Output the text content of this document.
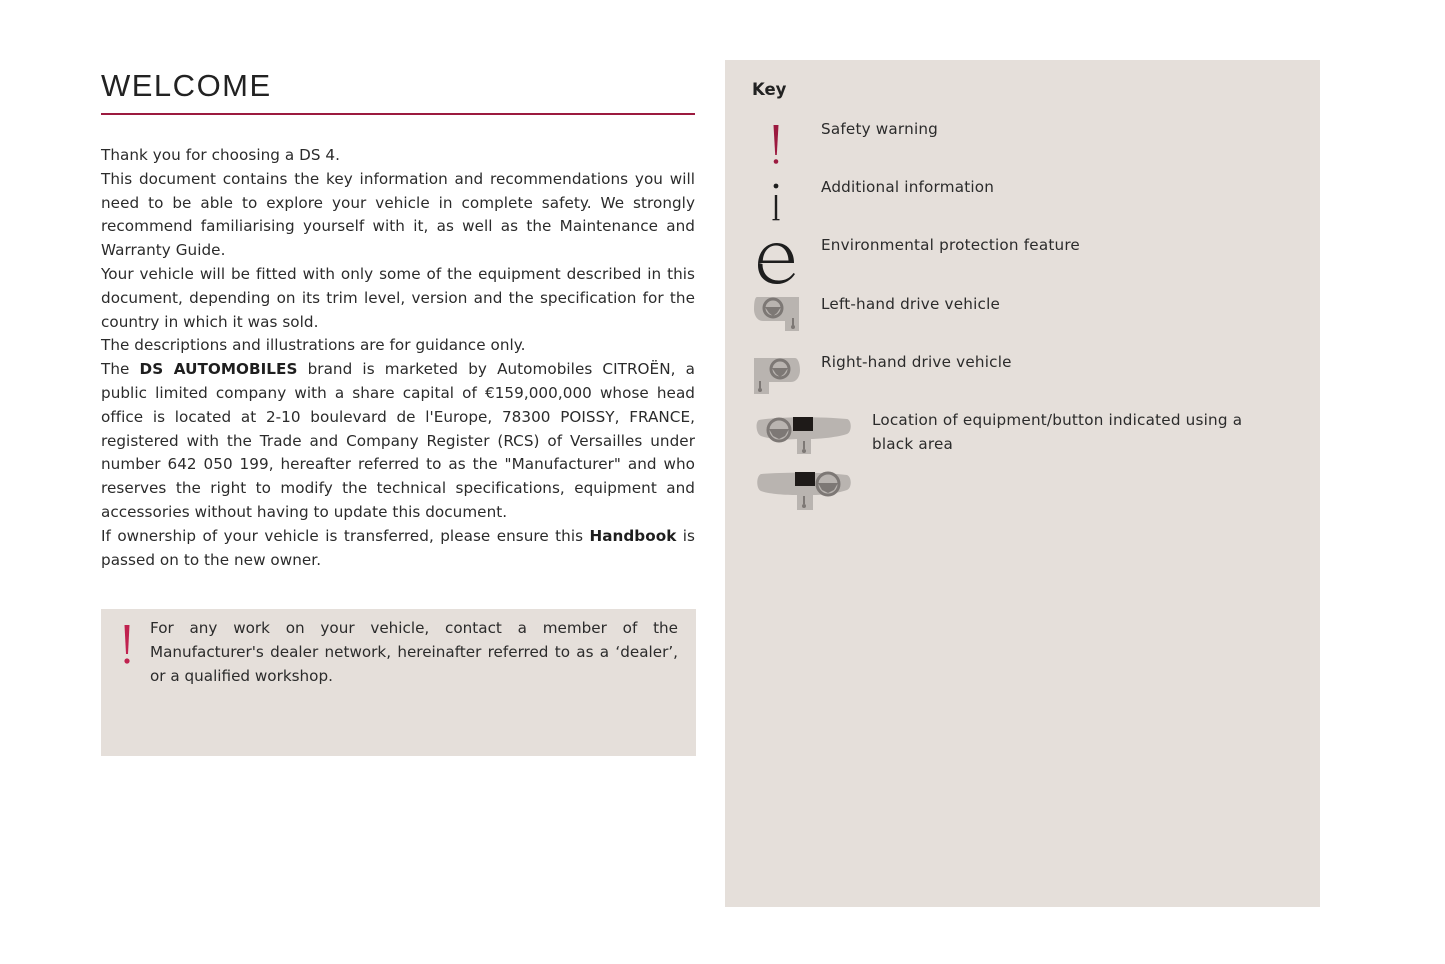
WELCOME

Thank you for choosing a DS 4.

This document contains the key information and recommendations you will need to be able to explore your vehicle in complete safety. We strongly recommend familiarising yourself with it, as well as the Maintenance and Warranty Guide.

Your vehicle will be fitted with only some of the equipment described in this document, depending on its trim level, version and the specification for the country in which it was sold.

The descriptions and illustrations are for guidance only.

The DS AUTOMOBILES brand is marketed by Automobiles CITROËN, a public limited company with a share capital of €159,000,000 whose head office is located at 2-10 boulevard de l'Europe, 78300 POISSY, FRANCE, registered with the Trade and Company Register (RCS) of Versailles under number 642 050 199, hereafter referred to as the "Manufacturer" and who reserves the right to modify the technical specifications, equipment and accessories without having to update this document.

If ownership of your vehicle is transferred, please ensure this Handbook is passed on to the new owner.

For any work on your vehicle, contact a member of the Manufacturer's dealer network, hereinafter referred to as a ‘dealer’, or a qualified workshop.
Key
Safety warning
Additional information
Environmental protection feature
Left-hand drive vehicle
Right-hand drive vehicle
Location of equipment/button indicated using a black area
